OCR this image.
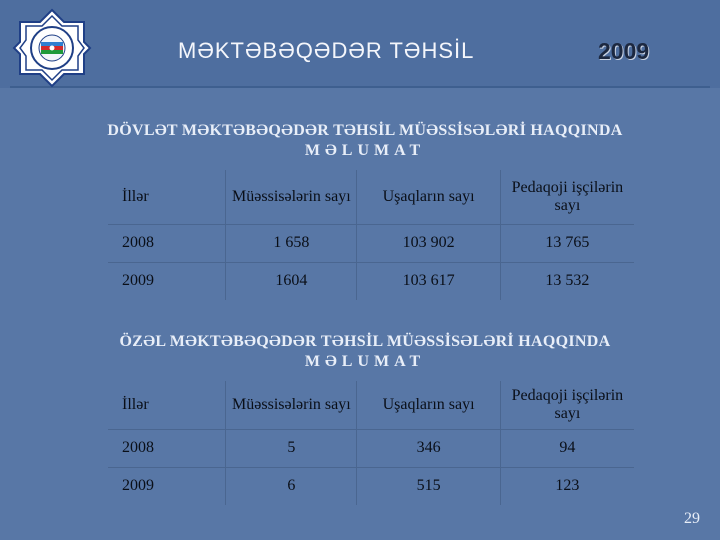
MƏKTƏBƏQƏDƏR TƏHSİL	2009
DÖVLƏT MƏKTƏBƏQƏDƏR TƏHSİL MÜƏSSİSƏLƏRİ HAQQINDA
MƏLUMAT
İllər	Müəssisələrin sayı	Uşaqların sayı	Pedaqoji işçilərin sayı
2008	1 658	103 902	13 765
2009	1604	103 617	13 532
ÖZƏL MƏKTƏBƏQƏDƏR TƏHSİL MÜƏSSİSƏLƏRİ HAQQINDA
MƏLUMAT
İllər	Müəssisələrin sayı	Uşaqların sayı	Pedaqoji işçilərin sayı
2008	5	346	94
2009	6	515	123
29
